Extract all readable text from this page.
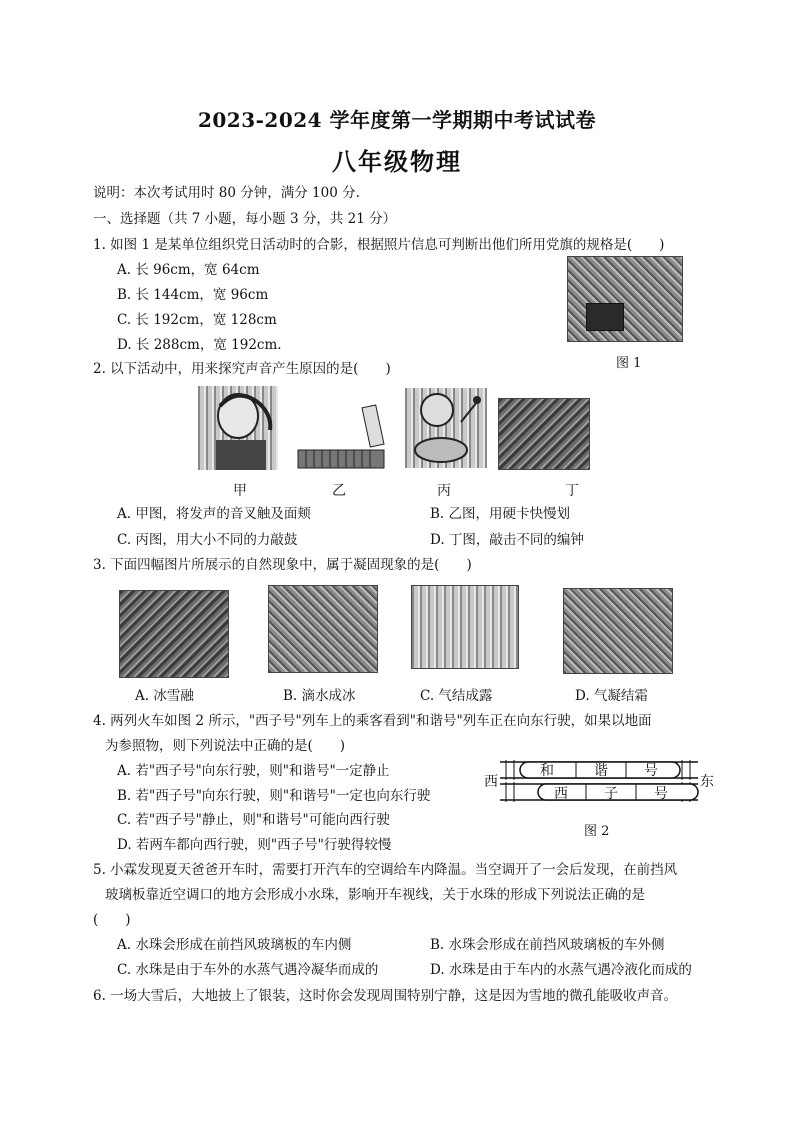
2023-2024 学年度第一学期期中考试试卷
八年级物理
说明：本次考试用时 80 分钟，满分 100 分.
一、选择题（共 7 小题，每小题 3 分，共 21 分）
1. 如图 1 是某单位组织党日活动时的合影，根据照片信息可判断出他们所用党旗的规格是(　　)
A. 长 96cm，宽 64cm
B. 长 144cm，宽 96cm
C. 长 192cm，宽 128cm
D. 长 288cm，宽 192cm.
图 1
2. 以下活动中，用来探究声音产生原因的是(　　)
甲	乙	丙	丁
A. 甲图，将发声的音叉触及面颊	B. 乙图，用硬卡快慢划
C. 丙图，用大小不同的力敲鼓	D. 丁图，敲击不同的编钟
3. 下面四幅图片所展示的自然现象中，属于凝固现象的是(　　)
A. 冰雪融	B. 滴水成冰	C. 气结成露	D. 气凝结霜
4. 两列火车如图 2 所示，"西子号"列车上的乘客看到"和谐号"列车正在向东行驶，如果以地面
为参照物，则下列说法中正确的是(　　)
A. 若"西子号"向东行驶，则"和谐号"一定静止
B. 若"西子号"向东行驶，则"和谐号"一定也向东行驶
C. 若"西子号"静止，则"和谐号"可能向西行驶
D. 若两车都向西行驶，则"西子号"行驶得较慢
西	东
和	谐	号
西	子	号
图 2
5. 小霖发现夏天爸爸开车时，需要打开汽车的空调给车内降温。当空调开了一会后发现，在前挡风
玻璃板靠近空调口的地方会形成小水珠，影响开车视线，关于水珠的形成下列说法正确的是
(　　)
A. 水珠会形成在前挡风玻璃板的车内侧	B. 水珠会形成在前挡风玻璃板的车外侧
C. 水珠是由于车外的水蒸气遇冷凝华而成的	D. 水珠是由于车内的水蒸气遇冷液化而成的
6. 一场大雪后，大地披上了银装，这时你会发现周围特别宁静，这是因为雪地的微孔能吸收声音。
